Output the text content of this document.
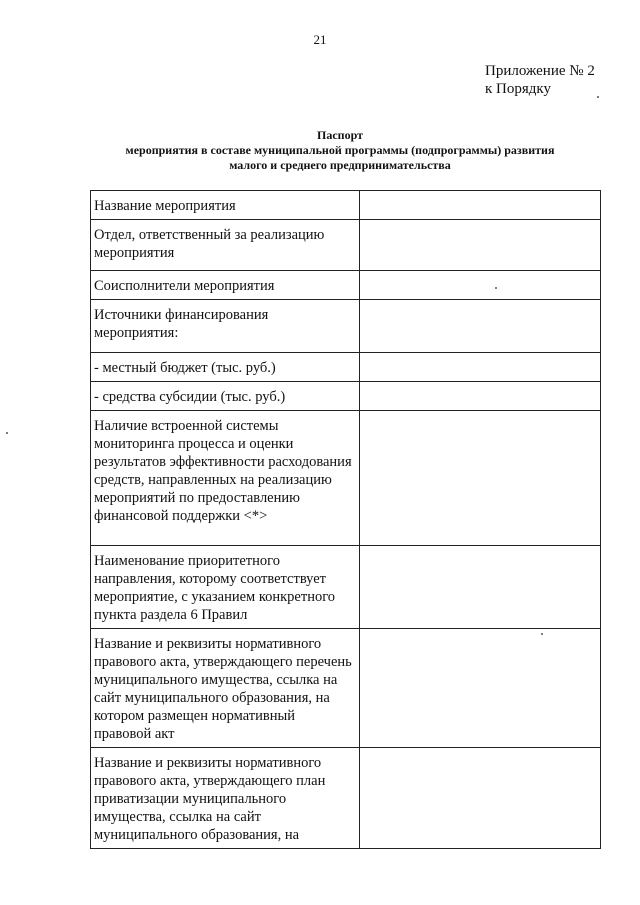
21
Приложение № 2
к Порядку
Паспорт
мероприятия в составе муниципальной программы (подпрограммы) развития
малого и среднего предпринимательства
Название мероприятия	
Отдел, ответственный за реализацию мероприятия	
Соисполнители мероприятия	
Источники финансирования мероприятия:	
- местный бюджет (тыс. руб.)	
- средства субсидии (тыс. руб.)	
Наличие встроенной системы мониторинга процесса и оценки результатов эффективности расходования средств, направленных на реализацию мероприятий по предоставлению финансовой поддержки <*>	
Наименование приоритетного направления, которому соответствует мероприятие, с указанием конкретного пункта раздела 6 Правил	
Название и реквизиты нормативного правового акта, утверждающего перечень муниципального имущества, ссылка на сайт муниципального образования, на котором размещен нормативный правовой акт	
Название и реквизиты нормативного правового акта, утверждающего план приватизации муниципального имущества, ссылка на сайт муниципального образования, на	
